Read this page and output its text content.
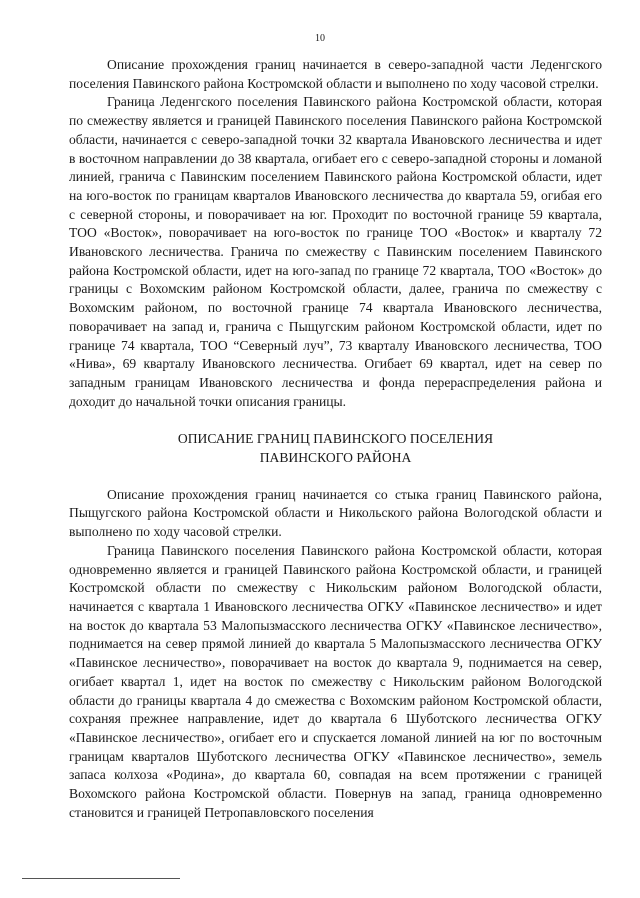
10

Описание прохождения границ начинается в северо-западной части Леденгского поселения Павинского района Костромской области и выполнено по ходу часовой стрелки.

Граница Леденгского поселения Павинского района Костромской области, которая по смежеству является и границей Павинского поселения Павинского района Костромской области, начинается с северо-западной точки 32 квартала Ивановского лесничества и идет в восточном направлении до 38 квартала, огибает его с северо-западной стороны и ломаной линией, гранича с Павинским поселением Павинского района Костромской области, идет на юго-восток по границам кварталов Ивановского лесничества до квартала 59, огибая его с северной стороны, и поворачивает на юг. Проходит по восточной границе 59 квартала, ТОО «Восток», поворачивает на юго-восток по границе ТОО «Восток» и кварталу 72 Ивановского лесничества. Гранича по смежеству с Павинским поселением Павинского района Костромской области, идет на юго-запад по границе 72 квартала, ТОО «Восток» до границы с Вохомским районом Костромской области, далее, гранича по смежеству с Вохомским районом, по восточной границе 74 квартала Ивановского лесничества, поворачивает на запад и, гранича с Пыщугским районом Костромской области, идет по границе 74 квартала, ТОО “Северный луч”, 73 кварталу Ивановского лесничества, ТОО «Нива», 69 кварталу Ивановского лесничества. Огибает 69 квартал, идет на север по западным границам Ивановского лесничества и фонда перераспределения района и доходит до начальной точки описания границы.

ОПИСАНИЕ ГРАНИЦ ПАВИНСКОГО ПОСЕЛЕНИЯ
ПАВИНСКОГО РАЙОНА

Описание прохождения границ начинается со стыка границ Павинского района, Пыщугского района Костромской области и Никольского района Вологодской области и выполнено по ходу часовой стрелки.

Граница Павинского поселения Павинского района Костромской области, которая одновременно является и границей Павинского района Костромской области, и границей Костромской области по смежеству с Никольским районом Вологодской области, начинается с квартала 1 Ивановского лесничества ОГКУ «Павинское лесничество» и идет на восток до квартала 53 Малопызмасского лесничества ОГКУ «Павинское лесничество», поднимается на север прямой линией до квартала 5 Малопызмасского лесничества ОГКУ «Павинское лесничество», поворачивает на восток до квартала 9, поднимается на север, огибает квартал 1, идет на восток по смежеству с Никольским районом Вологодской области до границы квартала 4 до смежества с Вохомским районом Костромской области, сохраняя прежнее направление, идет до квартала 6 Шуботского лесничества ОГКУ «Павинское лесничество», огибает его и спускается ломаной линией на юг по восточным границам кварталов Шуботского лесничества ОГКУ «Павинское лесничество», земель запаса колхоза «Родина», до квартала 60, совпадая на всем протяжении с границей Вохомского района Костромской области. Повернув на запад, граница одновременно становится и границей Петропавловского поселения
